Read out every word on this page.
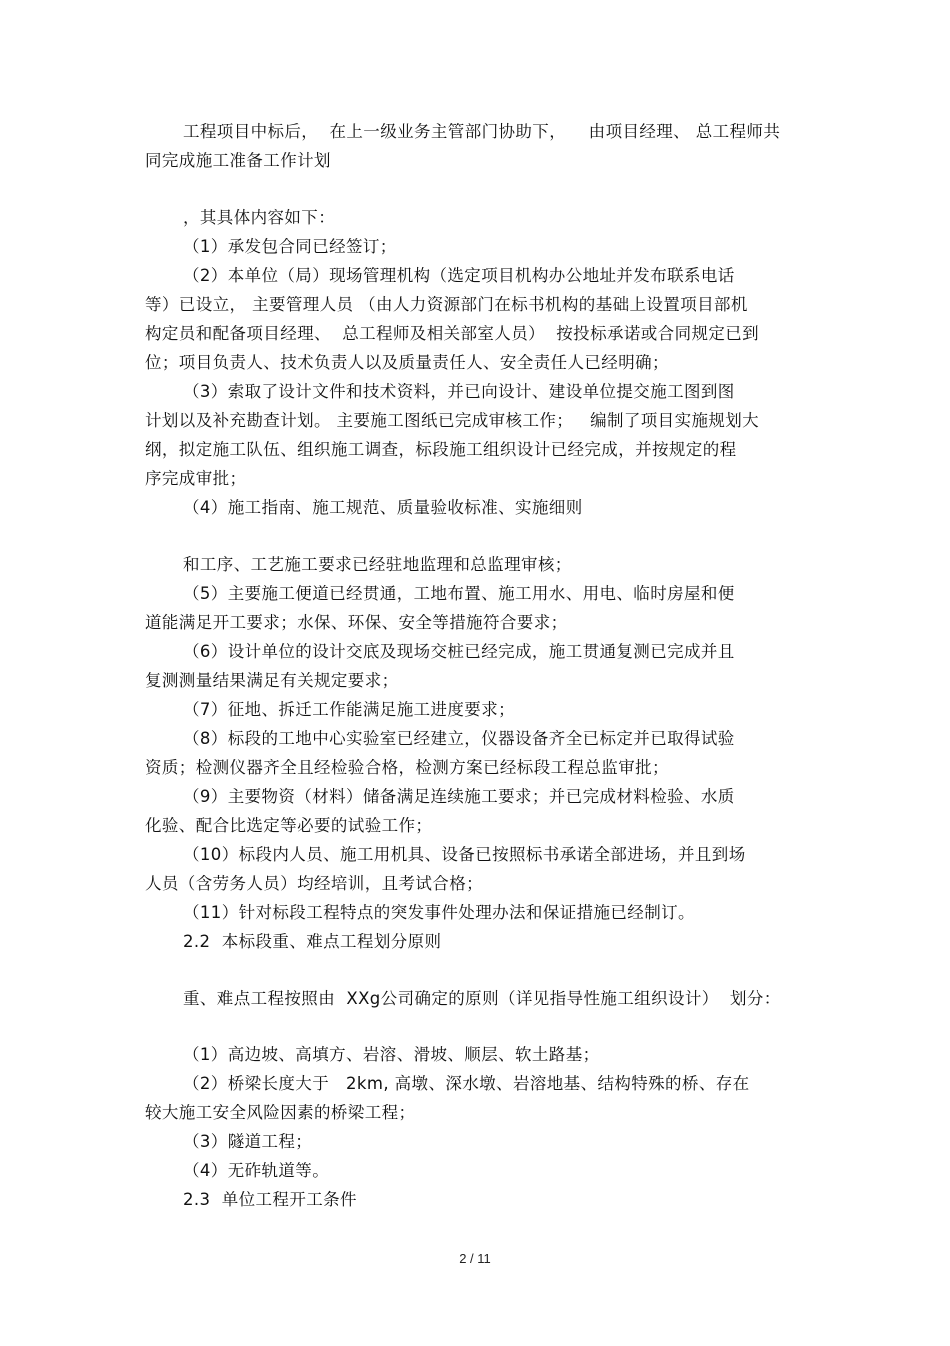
工程项目中标后，  在上一级业务主管部门协助下，    由项目经理、 总工程师共
同完成施工准备工作计划
，其具体内容如下：
（1）承发包合同已经签订；
（2）本单位（局）现场管理机构（选定项目机构办公地址并发布联系电话
等）已设立， 主要管理人员 （由人力资源部门在标书机构的基础上设置项目部机
构定员和配备项目经理、  总工程师及相关部室人员）  按投标承诺或合同规定已到
位；项目负责人、技术负责人以及质量责任人、安全责任人已经明确；
（3）索取了设计文件和技术资料，并已向设计、建设单位提交施工图到图
计划以及补充勘查计划。 主要施工图纸已完成审核工作；   编制了项目实施规划大
纲，拟定施工队伍、组织施工调查，标段施工组织设计已经完成，并按规定的程
序完成审批；
（4）施工指南、施工规范、质量验收标准、实施细则
和工序、工艺施工要求已经驻地监理和总监理审核；
（5）主要施工便道已经贯通，工地布置、施工用水、用电、临时房屋和便
道能满足开工要求；水保、环保、安全等措施符合要求；
（6）设计单位的设计交底及现场交桩已经完成，施工贯通复测已完成并且
复测测量结果满足有关规定要求；
（7）征地、拆迁工作能满足施工进度要求；
（8）标段的工地中心实验室已经建立，仪器设备齐全已标定并已取得试验
资质；检测仪器齐全且经检验合格，检测方案已经标段工程总监审批；
（9）主要物资（材料）储备满足连续施工要求；并已完成材料检验、水质
化验、配合比选定等必要的试验工作；
（10）标段内人员、施工用机具、设备已按照标书承诺全部进场，并且到场
人员（含劳务人员）均经培训，且考试合格；
（11）针对标段工程特点的突发事件处理办法和保证措施已经制订。
2.2  本标段重、难点工程划分原则
重、难点工程按照由  XXg公司确定的原则（详见指导性施工组织设计）  划分：
（1）高边坡、高填方、岩溶、滑坡、顺层、软土路基；
（2）桥梁长度大于   2km, 高墩、深水墩、岩溶地基、结构特殊的桥、存在
较大施工安全风险因素的桥梁工程；
（3）隧道工程；
（4）无砟轨道等。
2.3  单位工程开工条件
2 / 11
